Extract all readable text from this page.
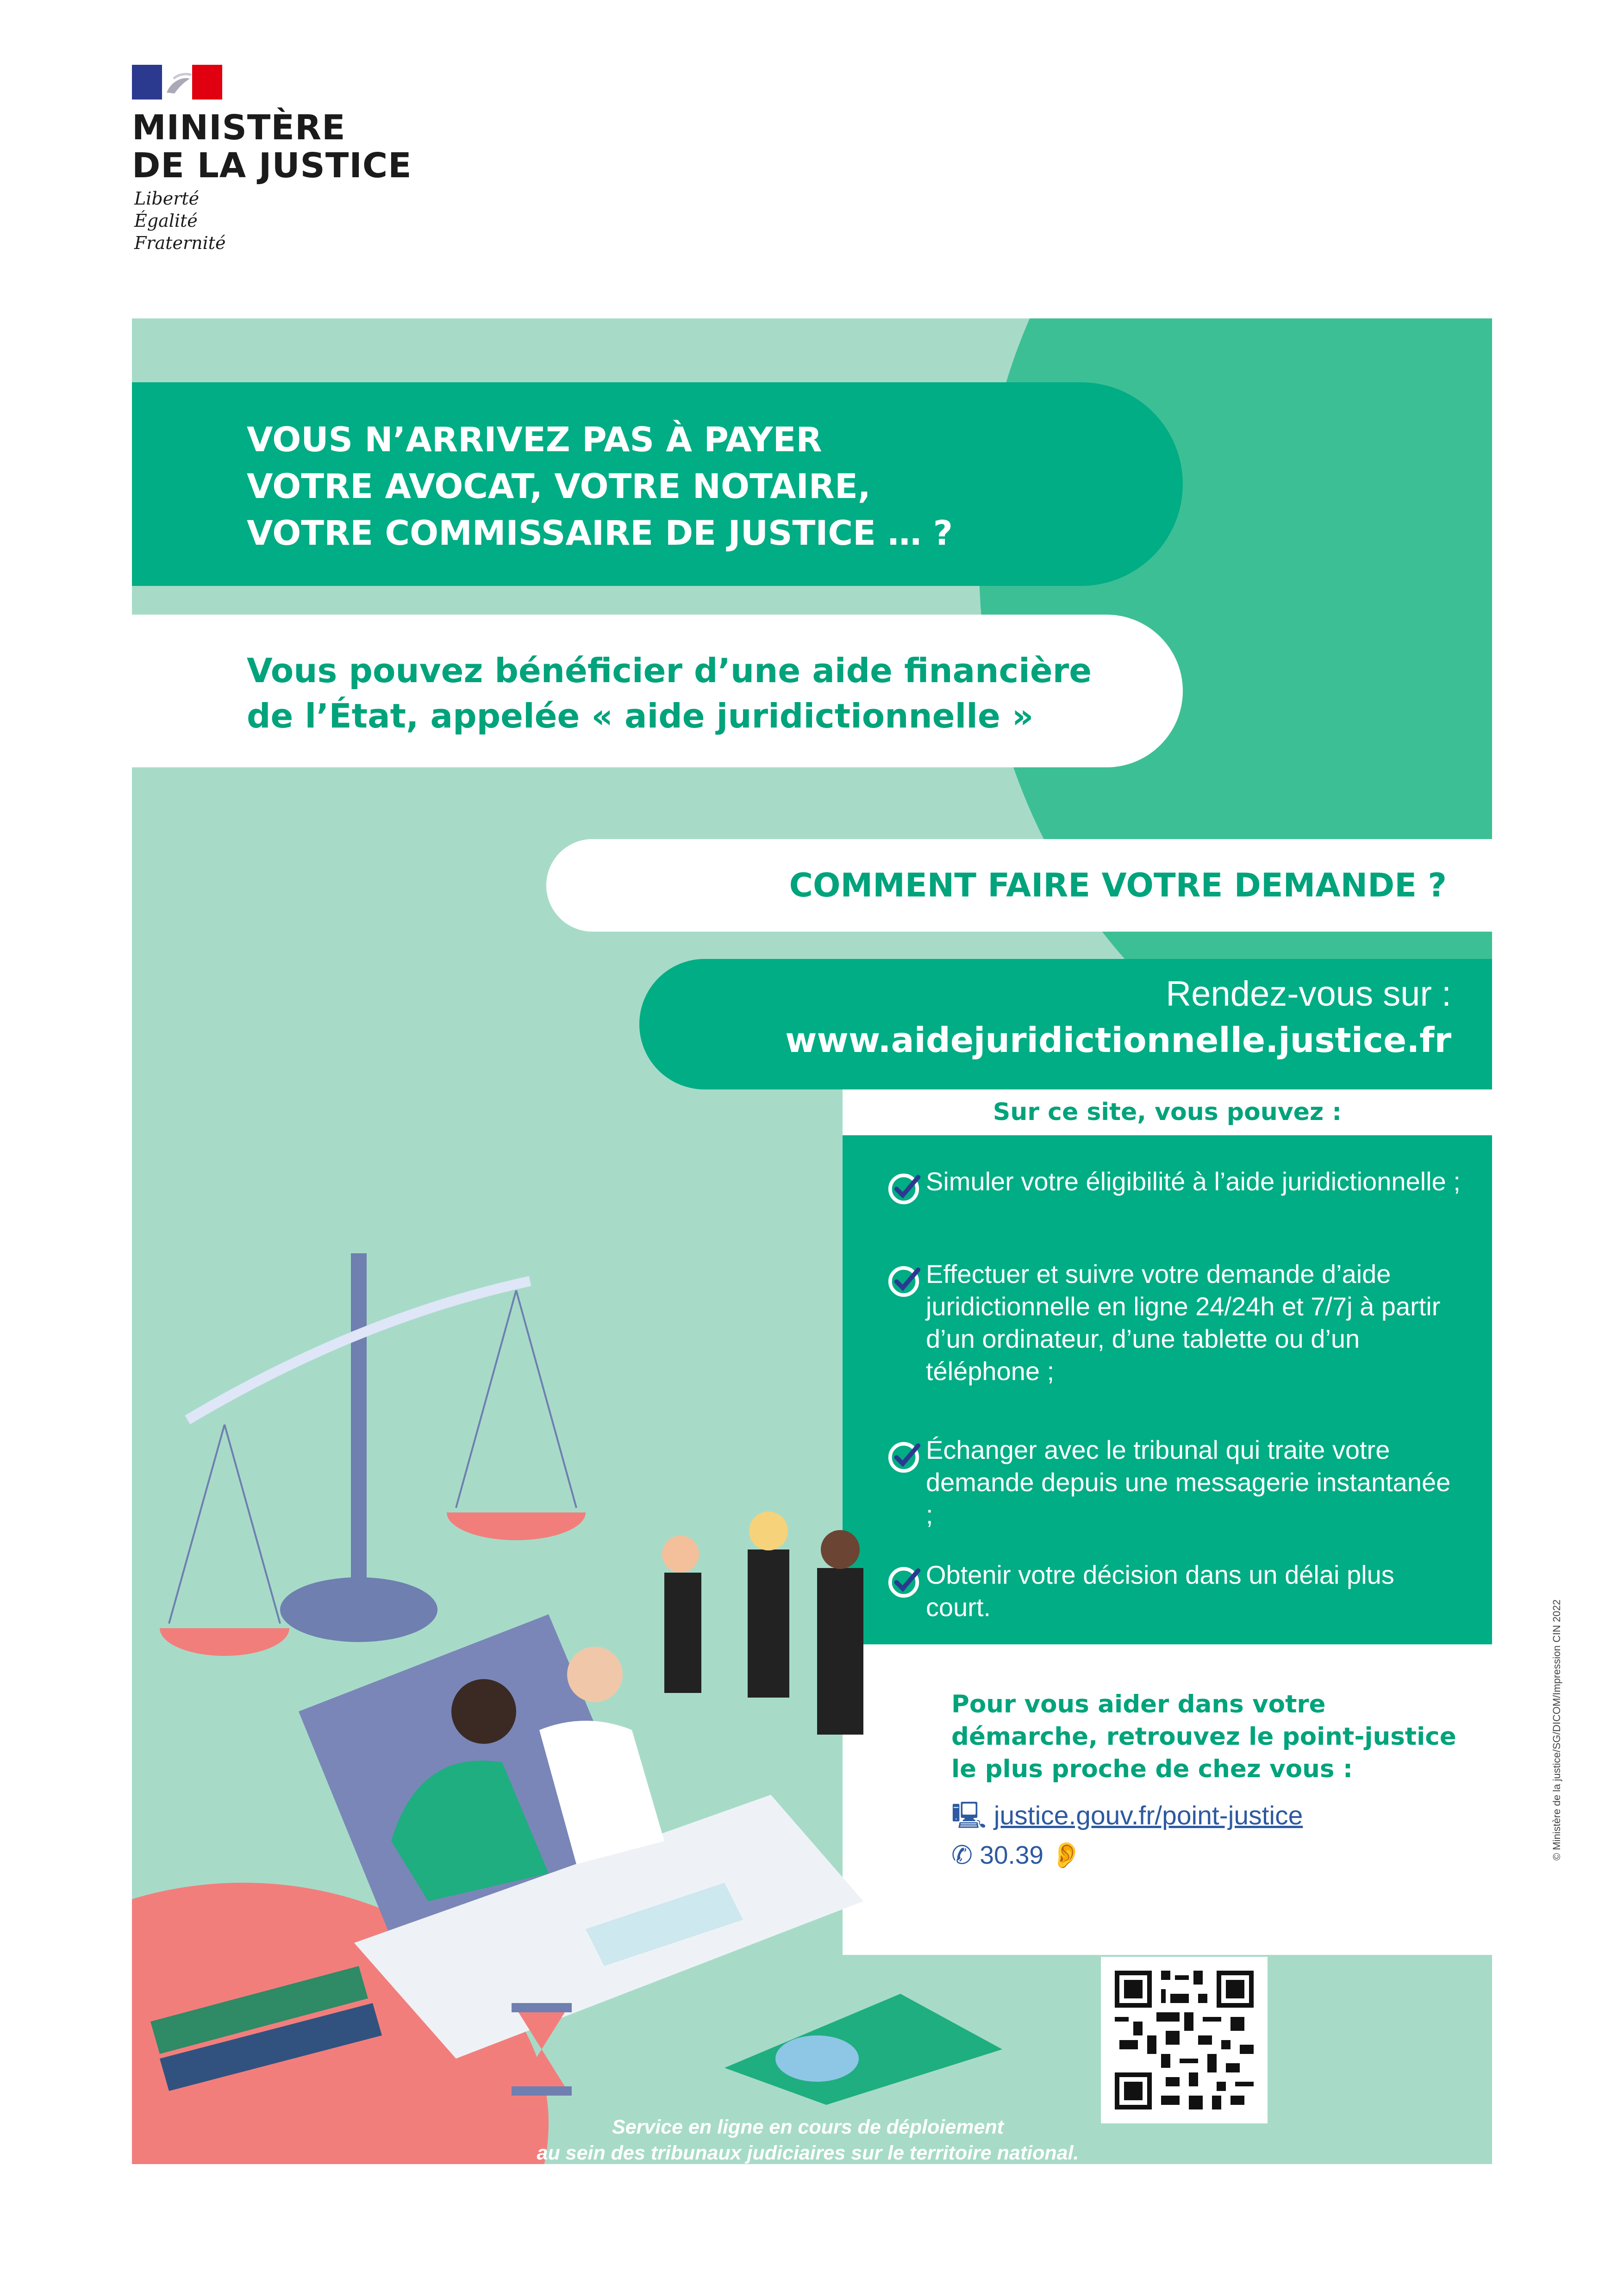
MINISTÈRE
DE LA JUSTICE
Liberté
Égalité
Fraternité
VOUS N’ARRIVEZ PAS À PAYER
VOTRE AVOCAT, VOTRE NOTAIRE,
VOTRE COMMISSAIRE DE JUSTICE … ?
Vous pouvez bénéficier d’une aide financière
de l’État, appelée « aide juridictionnelle »
COMMENT FAIRE VOTRE DEMANDE ?
Rendez-vous sur :
www.aidejuridictionnelle.justice.fr
Sur ce site, vous pouvez :
Simuler votre éligibilité à l’aide juridictionnelle ;
Effectuer et suivre votre demande d’aide juridictionnelle en ligne 24/24h et 7/7j à partir d’un ordinateur, d’une tablette ou d’un téléphone ;
Échanger avec le tribunal qui traite votre demande depuis une messagerie instantanée ;
Obtenir votre décision dans un délai plus court.
Pour vous aider dans votre démarche, retrouvez le point-justice le plus proche de chez vous :
🖳 justice.gouv.fr/point-justice
✆ 30.39 👂
Service en ligne en cours de déploiement
au sein des tribunaux judiciaires sur le territoire national.
© Ministère de la justice/SG/DICOM/Impression CIN 2022
